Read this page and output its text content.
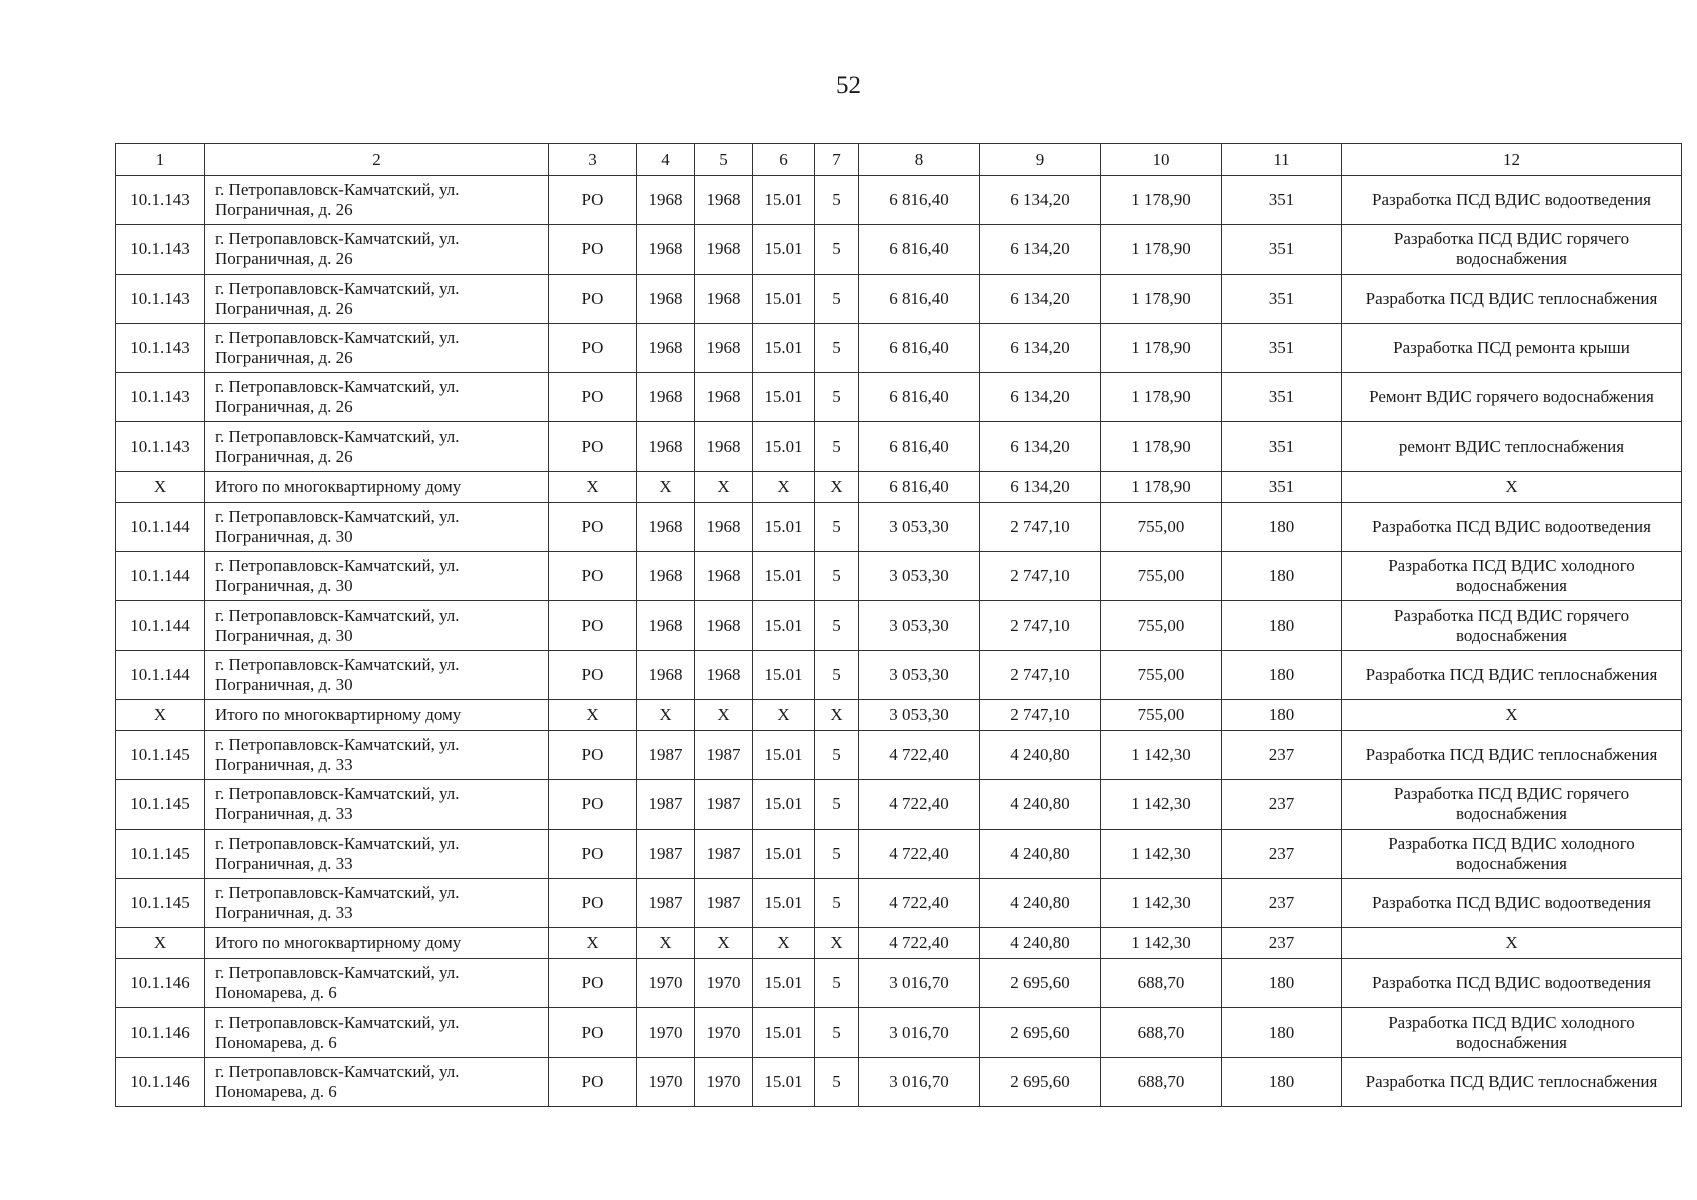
52
1	2	3	4	5	6	7	8	9	10	11	12
10.1.143	г. Петропавловск-Камчатский, ул. Пограничная, д. 26	РО	1968	1968	15.01	5	6 816,40	6 134,20	1 178,90	351	Разработка ПСД ВДИС водоотведения
10.1.143	г. Петропавловск-Камчатский, ул. Пограничная, д. 26	РО	1968	1968	15.01	5	6 816,40	6 134,20	1 178,90	351	Разработка ПСД ВДИС горячего водоснабжения
10.1.143	г. Петропавловск-Камчатский, ул. Пограничная, д. 26	РО	1968	1968	15.01	5	6 816,40	6 134,20	1 178,90	351	Разработка ПСД ВДИС теплоснабжения
10.1.143	г. Петропавловск-Камчатский, ул. Пограничная, д. 26	РО	1968	1968	15.01	5	6 816,40	6 134,20	1 178,90	351	Разработка ПСД ремонта крыши
10.1.143	г. Петропавловск-Камчатский, ул. Пограничная, д. 26	РО	1968	1968	15.01	5	6 816,40	6 134,20	1 178,90	351	Ремонт ВДИС горячего водоснабжения
10.1.143	г. Петропавловск-Камчатский, ул. Пограничная, д. 26	РО	1968	1968	15.01	5	6 816,40	6 134,20	1 178,90	351	ремонт ВДИС теплоснабжения
Х	Итого по многоквартирному дому	Х	Х	Х	Х	Х	6 816,40	6 134,20	1 178,90	351	Х
10.1.144	г. Петропавловск-Камчатский, ул. Пограничная, д. 30	РО	1968	1968	15.01	5	3 053,30	2 747,10	755,00	180	Разработка ПСД ВДИС водоотведения
10.1.144	г. Петропавловск-Камчатский, ул. Пограничная, д. 30	РО	1968	1968	15.01	5	3 053,30	2 747,10	755,00	180	Разработка ПСД ВДИС холодного водоснабжения
10.1.144	г. Петропавловск-Камчатский, ул. Пограничная, д. 30	РО	1968	1968	15.01	5	3 053,30	2 747,10	755,00	180	Разработка ПСД ВДИС горячего водоснабжения
10.1.144	г. Петропавловск-Камчатский, ул. Пограничная, д. 30	РО	1968	1968	15.01	5	3 053,30	2 747,10	755,00	180	Разработка ПСД ВДИС теплоснабжения
Х	Итого по многоквартирному дому	Х	Х	Х	Х	Х	3 053,30	2 747,10	755,00	180	Х
10.1.145	г. Петропавловск-Камчатский, ул. Пограничная, д. 33	РО	1987	1987	15.01	5	4 722,40	4 240,80	1 142,30	237	Разработка ПСД ВДИС теплоснабжения
10.1.145	г. Петропавловск-Камчатский, ул. Пограничная, д. 33	РО	1987	1987	15.01	5	4 722,40	4 240,80	1 142,30	237	Разработка ПСД ВДИС горячего водоснабжения
10.1.145	г. Петропавловск-Камчатский, ул. Пограничная, д. 33	РО	1987	1987	15.01	5	4 722,40	4 240,80	1 142,30	237	Разработка ПСД ВДИС холодного водоснабжения
10.1.145	г. Петропавловск-Камчатский, ул. Пограничная, д. 33	РО	1987	1987	15.01	5	4 722,40	4 240,80	1 142,30	237	Разработка ПСД ВДИС водоотведения
Х	Итого по многоквартирному дому	Х	Х	Х	Х	Х	4 722,40	4 240,80	1 142,30	237	Х
10.1.146	г. Петропавловск-Камчатский, ул. Пономарева, д. 6	РО	1970	1970	15.01	5	3 016,70	2 695,60	688,70	180	Разработка ПСД ВДИС водоотведения
10.1.146	г. Петропавловск-Камчатский, ул. Пономарева, д. 6	РО	1970	1970	15.01	5	3 016,70	2 695,60	688,70	180	Разработка ПСД ВДИС холодного водоснабжения
10.1.146	г. Петропавловск-Камчатский, ул. Пономарева, д. 6	РО	1970	1970	15.01	5	3 016,70	2 695,60	688,70	180	Разработка ПСД ВДИС теплоснабжения
